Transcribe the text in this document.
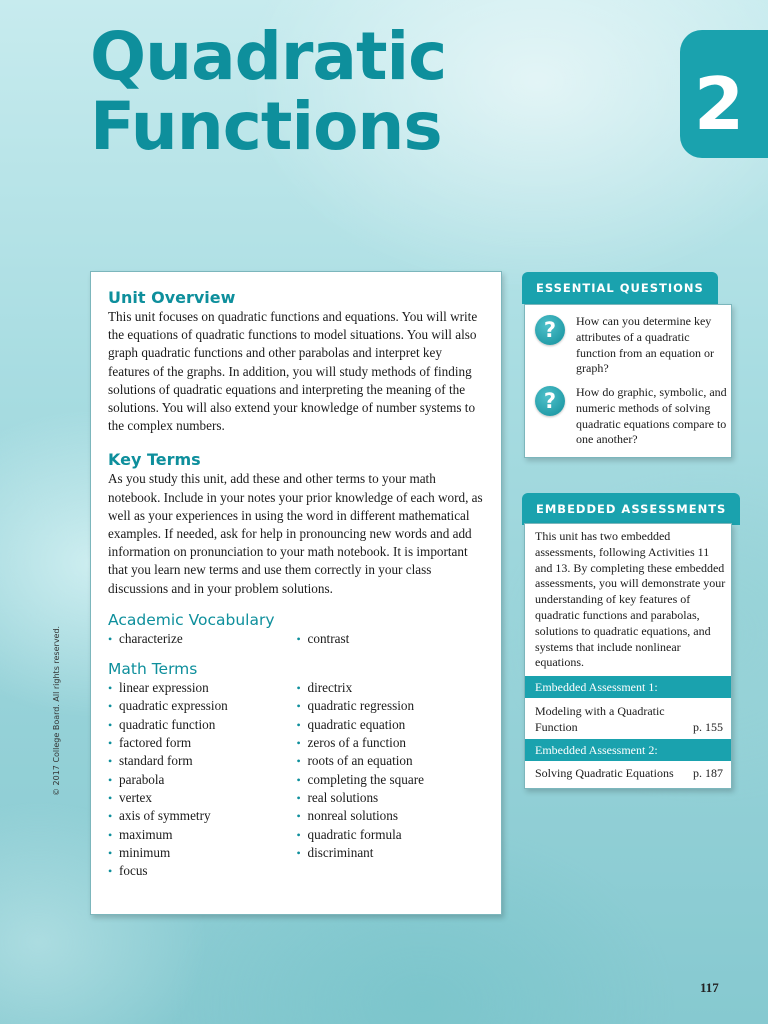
Quadratic
Functions	2
Unit Overview

This unit focuses on quadratic functions and equations. You will write the equations of quadratic functions to model situations. You will also graph quadratic functions and other parabolas and interpret key features of the graphs. In addition, you will study methods of finding solutions of quadratic equations and interpreting the meaning of the solutions. You will also extend your knowledge of number systems to the complex numbers.

Key Terms

As you study this unit, add these and other terms to your math notebook. Include in your notes your prior knowledge of each word, as well as your experiences in using the word in different mathematical examples. If needed, ask for help in pronouncing new words and add information on pronunciation to your math notebook. It is important that you learn new terms and use them correctly in your class discussions and in your problem solutions.

Academic Vocabulary
• characterize
•	contrast
Math Terms
• linear expression
• quadratic expression
• quadratic function
• factored form
• standard form
• parabola
• vertex
• axis of symmetry
• maximum
• minimum
• focus
• directrix
• quadratic regression
• quadratic equation
• zeros of a function
• roots of an equation
• completing the square
• real solutions
• nonreal solutions
• quadratic formula
• discriminant
ESSENTIAL QUESTIONS
?	How can you determine key attributes of a quadratic function from an equation or graph?
?	How do graphic, symbolic, and numeric methods of solving quadratic equations compare to one another?
EMBEDDED ASSESSMENTS
This unit has two embedded assessments, following Activities 11 and 13. By completing these embedded assessments, you will demonstrate your understanding of key features of quadratic functions and parabolas, solutions to quadratic equations, and systems that include nonlinear equations.
Embedded Assessment 1:
Modeling with a Quadratic Function	p. 155
Embedded Assessment 2:
Solving Quadratic Equations	p. 187
© 2017 College Board. All rights reserved.
117
